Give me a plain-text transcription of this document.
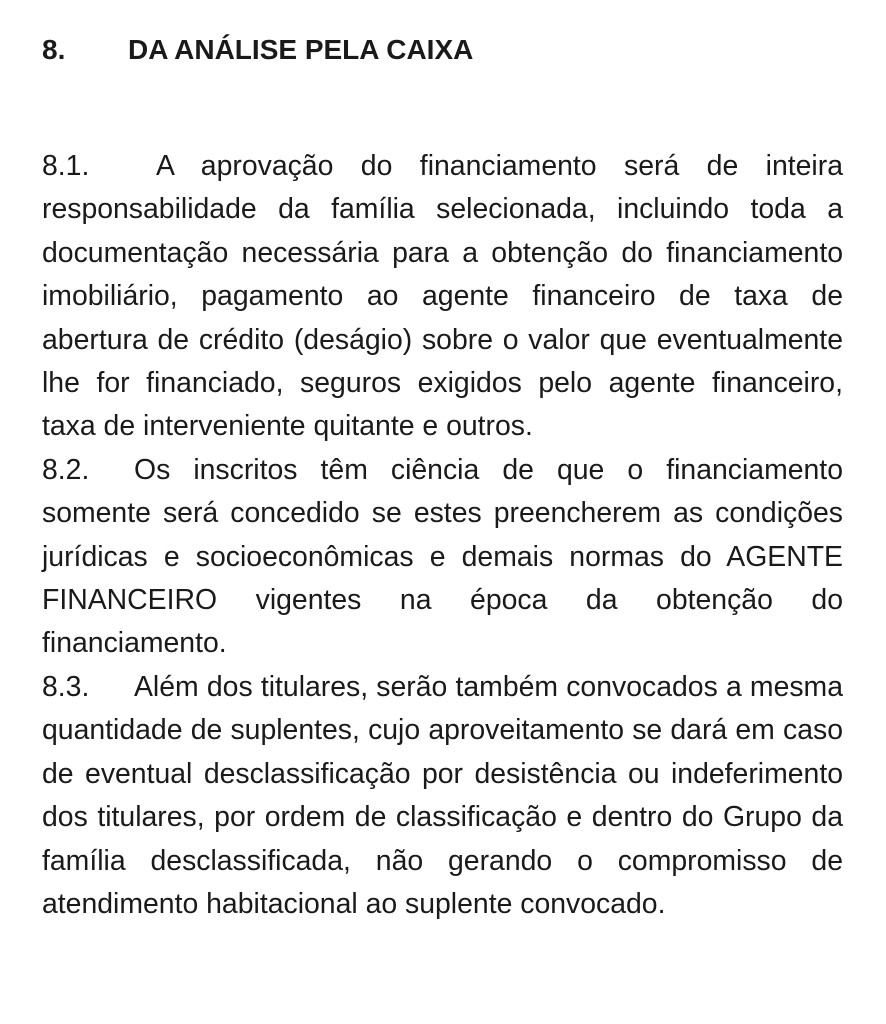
8.	DA ANÁLISE PELA CAIXA

8.1. A aprovação do financiamento será de inteira responsabilidade da família selecionada, incluindo toda a documentação necessária para a obtenção do financiamento imobiliário, pagamento ao agente financeiro de taxa de abertura de crédito (deságio) sobre o valor que eventualmente lhe for financiado, seguros exigidos pelo agente financeiro, taxa de interveniente quitante e outros.

8.2. Os inscritos têm ciência de que o financiamento somente será concedido se estes preencherem as condições jurídicas e socioeconômicas e demais normas do AGENTE FINANCEIRO vigentes na época da obtenção do financiamento.

8.3. Além dos titulares, serão também convocados a mesma quantidade de suplentes, cujo aproveitamento se dará em caso de eventual desclassificação por desistência ou indeferimento dos titulares, por ordem de classificação e dentro do Grupo da família desclassificada, não gerando o compromisso de atendimento habitacional ao suplente convocado.
